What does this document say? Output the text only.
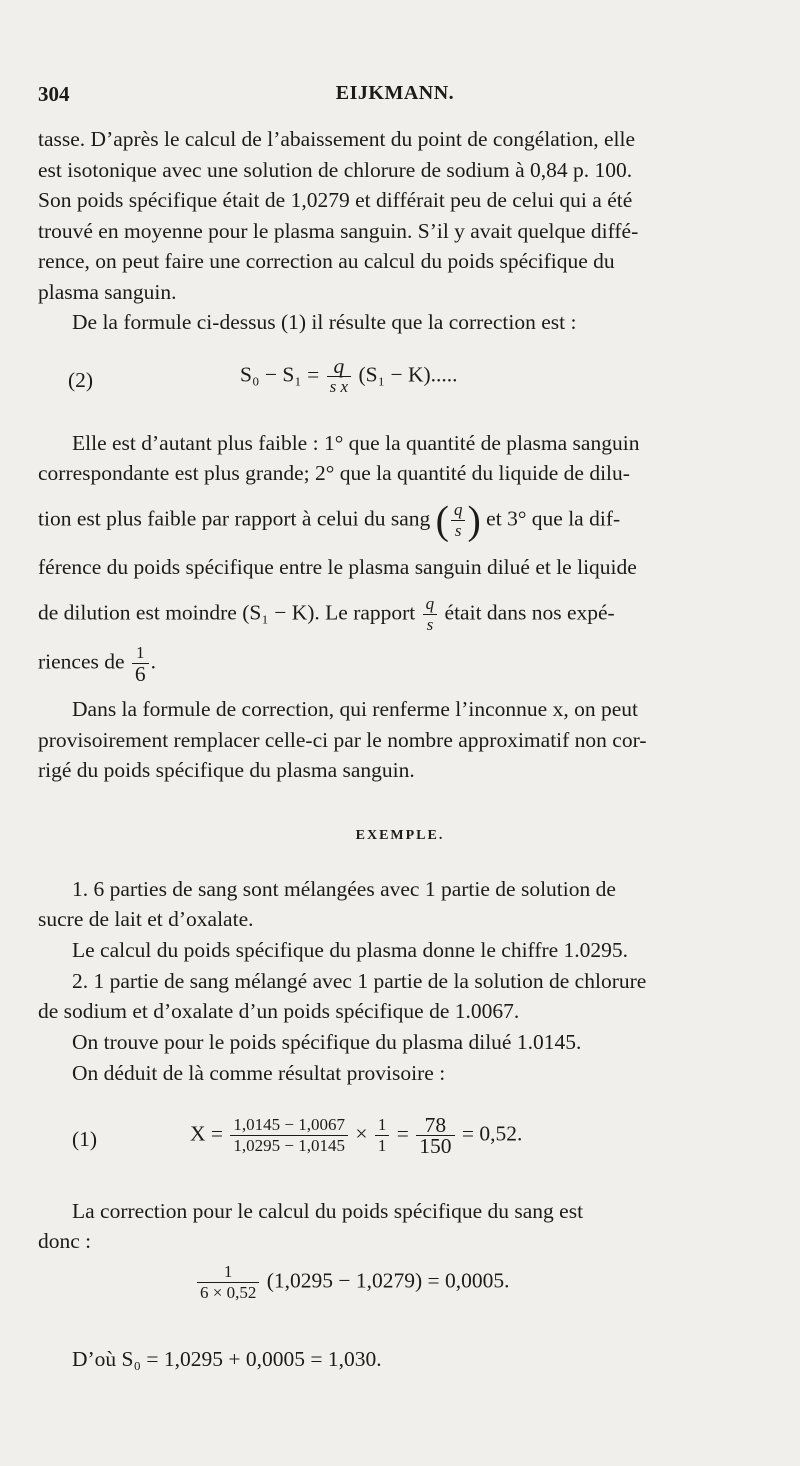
304	EIJKMANN.
tasse. D’après le calcul de l’abaissement du point de congélation, elle
est isotonique avec une solution de chlorure de sodium à 0,84 p. 100.
Son poids spécifique était de 1,0279 et différait peu de celui qui a été
trouvé en moyenne pour le plasma sanguin. S’il y avait quelque diffé-
rence, on peut faire une correction au calcul du poids spécifique du
plasma sanguin.
De la formule ci-dessus (1) il résulte que la correction est :
(2)	$S_0 - S_1 = \frac{q}{\text{s x}} (S_1 - K)$.....
Elle est d’autant plus faible : 1° que la quantité de plasma sanguin
correspondante est plus grande; 2° que la quantité du liquide de dilu-
tion est plus faible par rapport à celui du sang ( $\frac{q}{s}$ ) et 3° que la dif-
férence du poids spécifique entre le plasma sanguin dilué et le liquide
de dilution est moindre (S₁ − K). Le rapport $\frac{q}{s}$ était dans nos expé-
riences de $\frac{1}{6}$ .
Dans la formule de correction, qui renferme l’inconnue x, on peut
provisoirement remplacer celle-ci par le nombre approximatif non cor-
rigé du poids spécifique du plasma sanguin.
EXEMPLE.
1. 6 parties de sang sont mélangées avec 1 partie de solution de
sucre de lait et d’oxalate.
Le calcul du poids spécifique du plasma donne le chiffre 1.0295.
2. 1 partie de sang mélangé avec 1 partie de la solution de chlorure
de sodium et d’oxalate d’un poids spécifique de 1.0067.
On trouve pour le poids spécifique du plasma dilué 1.0145.
On déduit de là comme résultat provisoire :
(1)	$X = \frac{1,0145 - 1,0067}{1,0295 - 1,0145} \times \frac{1}{1} = \frac{78}{150} = 0,52$.
La correction pour le calcul du poids spécifique du sang est
donc :
$\frac{1}{6 \times 0,52} (1,0295 - 1,0279) = 0,0005$.
D’où S₀ = 1,0295 + 0,0005 = 1,030.
